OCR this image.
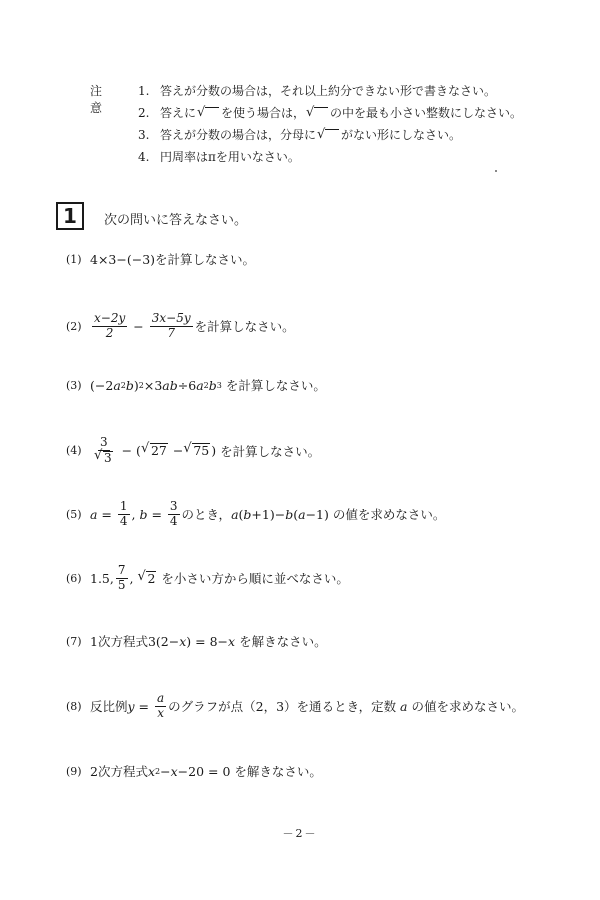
注 意
1. 答えが分数の場合は，それ以上約分できない形で書きなさい。
2. 答えに √ を使う場合は， √ の中を最も小さい整数にしなさい。
3. 答えが分数の場合は，分母に √ がない形にしなさい。
4. 円周率はπを用いなさい。
1	次の問いに答えなさい。
(1) 4×3−(−3) を計算しなさい。
$(2) \frac{x-2y}{2} - \frac{3x-5y}{7}$ を計算しなさい。
(3) (−2 a 2 b ) 2 ×3 ab ÷6 a 2 b 3
を計算しなさい。
(4) 3
√ 3 − ( √ 27 − √ 75 ) を計算しなさい。
(5) $a = \frac{1}{4}$ , $b = \frac{3}{4}$ のとき， a ( b +1)− b ( a −1) の値を求めなさい。
(6) 1.5, $\frac{7}{5}$ , √ 2
を小さい方から順に並べなさい。
(7) 1次方程式 3(2− x ) = 8− x
を解きなさい。
(8) 反比例 $y = \frac{a}{x}$ のグラフが点（2，3）を通るとき，定数 a の値を求めなさい。
(9) 2次方程式 x 2 − x −20 = 0 を解きなさい。
－2－
